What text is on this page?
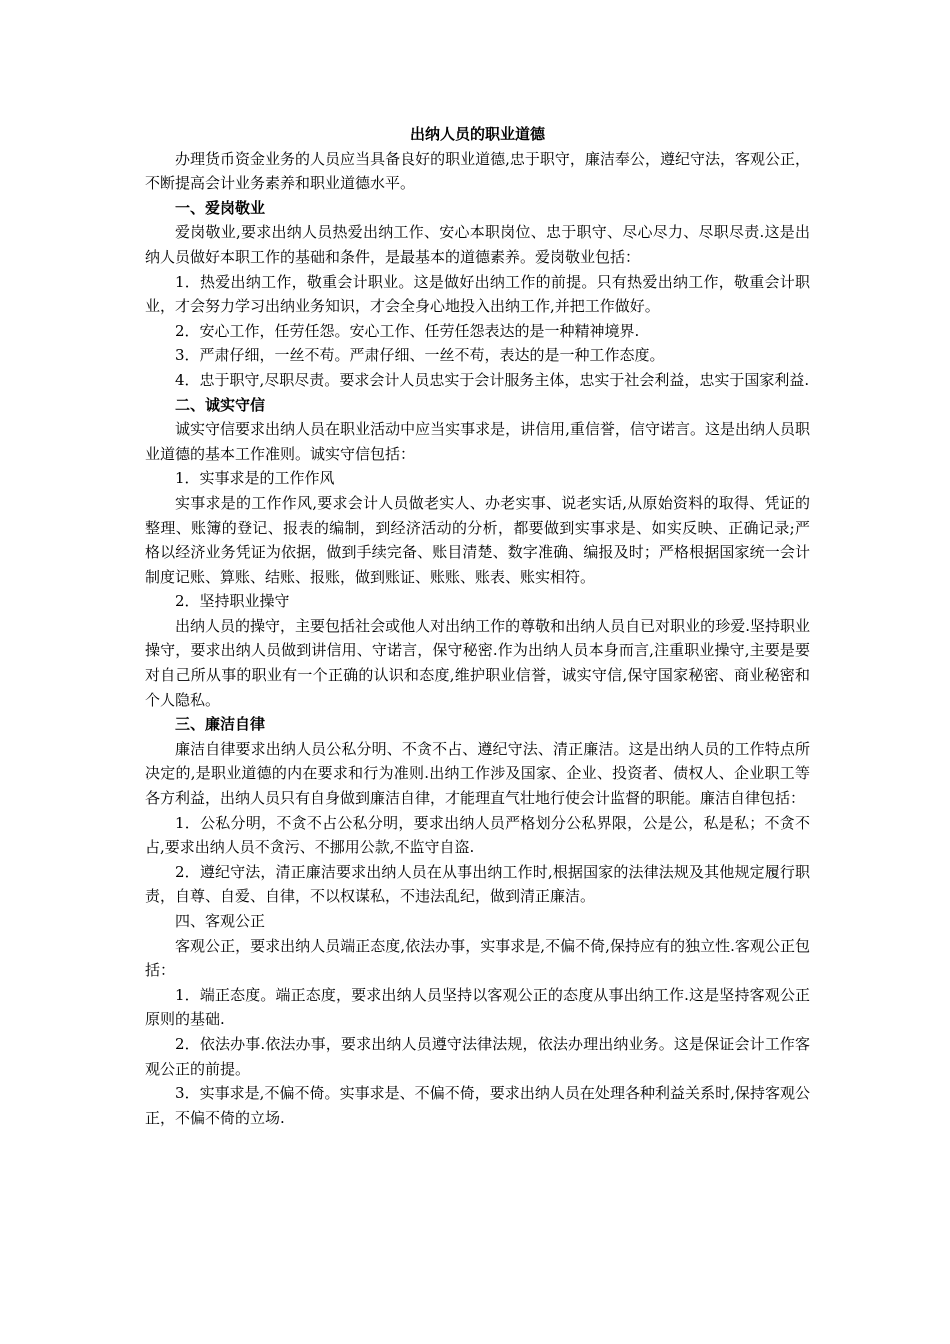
出纳人员的职业道德

办理货币资金业务的人员应当具备良好的职业道德,忠于职守，廉洁奉公，遵纪守法，客观公正，不断提高会计业务素养和职业道德水平。

一、爱岗敬业

爱岗敬业,要求出纳人员热爱出纳工作、安心本职岗位、忠于职守、尽心尽力、尽职尽责.这是出纳人员做好本职工作的基础和条件，是最基本的道德素养。爱岗敬业包括：

1．热爱出纳工作，敬重会计职业。这是做好出纳工作的前提。只有热爱出纳工作，敬重会计职业，才会努力学习出纳业务知识，才会全身心地投入出纳工作,并把工作做好。

2．安心工作，任劳任怨。安心工作、任劳任怨表达的是一种精神境界.

3．严肃仔细，一丝不苟。严肃仔细、一丝不苟，表达的是一种工作态度。

4．忠于职守,尽职尽责。要求会计人员忠实于会计服务主体，忠实于社会利益，忠实于国家利益.

二、诚实守信

诚实守信要求出纳人员在职业活动中应当实事求是，讲信用,重信誉，信守诺言。这是出纳人员职业道德的基本工作准则。诚实守信包括：

1．实事求是的工作作风

实事求是的工作作风,要求会计人员做老实人、办老实事、说老实话,从原始资料的取得、凭证的整理、账簿的登记、报表的编制，到经济活动的分析，都要做到实事求是、如实反映、正确记录;严格以经济业务凭证为依据，做到手续完备、账目清楚、数字准确、编报及时；严格根据国家统一会计制度记账、算账、结账、报账，做到账证、账账、账表、账实相符。

2．坚持职业操守

出纳人员的操守，主要包括社会或他人对出纳工作的尊敬和出纳人员自已对职业的珍爱.坚持职业操守，要求出纳人员做到讲信用、守诺言，保守秘密.作为出纳人员本身而言,注重职业操守,主要是要对自己所从事的职业有一个正确的认识和态度,维护职业信誉，诚实守信,保守国家秘密、商业秘密和个人隐私。

三、廉洁自律

廉洁自律要求出纳人员公私分明、不贪不占、遵纪守法、清正廉洁。这是出纳人员的工作特点所决定的,是职业道德的内在要求和行为准则.出纳工作涉及国家、企业、投资者、债权人、企业职工等各方利益，出纳人员只有自身做到廉洁自律，才能理直气壮地行使会计监督的职能。廉洁自律包括：

1．公私分明，不贪不占公私分明，要求出纳人员严格划分公私界限，公是公，私是私；不贪不占,要求出纳人员不贪污、不挪用公款,不监守自盗.

2．遵纪守法，清正廉洁要求出纳人员在从事出纳工作时,根据国家的法律法规及其他规定履行职责，自尊、自爱、自律，不以权谋私，不违法乱纪，做到清正廉洁。

四、客观公正

客观公正，要求出纳人员端正态度,依法办事，实事求是,不偏不倚,保持应有的独立性.客观公正包括：

1．端正态度。端正态度，要求出纳人员坚持以客观公正的态度从事出纳工作.这是坚持客观公正原则的基础.

2．依法办事.依法办事，要求出纳人员遵守法律法规，依法办理出纳业务。这是保证会计工作客观公正的前提。

3．实事求是,不偏不倚。实事求是、不偏不倚，要求出纳人员在处理各种利益关系时,保持客观公正，不偏不倚的立场.
